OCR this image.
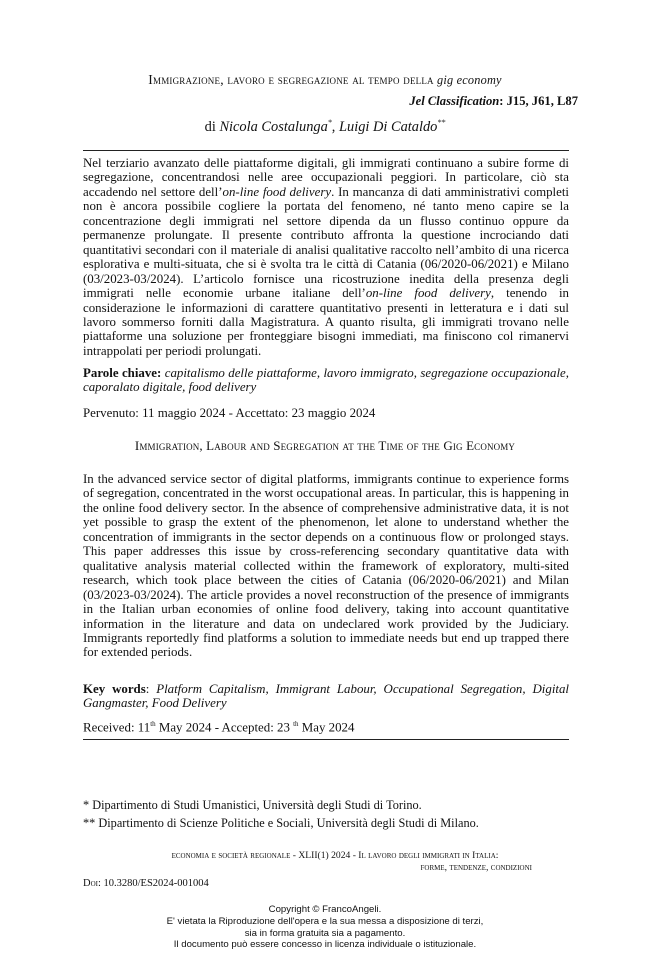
Immigrazione, lavoro e segregazione al tempo della gig economy
Jel Classification: J15, J61, L87
di Nicola Costalunga*, Luigi Di Cataldo**
Nel terziario avanzato delle piattaforme digitali, gli immigrati continuano a subire forme di segregazione, concentrandosi nelle aree occupazionali peggiori. In particolare, ciò sta accadendo nel settore dell’on-line food delivery. In mancanza di dati amministrativi completi non è ancora possibile cogliere la portata del fenomeno, né tanto meno capire se la concentrazione degli immigrati nel settore dipenda da un flusso continuo oppure da permanenze prolungate. Il presente contributo affronta la questione incrociando dati quantitativi secondari con il materiale di analisi qualitative raccolto nell’ambito di una ricerca esplorativa e multi-situata, che si è svolta tra le città di Catania (06/2020-06/2021) e Milano (03/2023-03/2024). L’articolo fornisce una ricostruzione inedita della presenza degli immigrati nelle economie urbane italiane dell’on-line food delivery, tenendo in considerazione le informazioni di carattere quantitativo presenti in letteratura e i dati sul lavoro sommerso forniti dalla Magistratura. A quanto risulta, gli immigrati trovano nelle piattaforme una soluzione per fronteggiare bisogni immediati, ma finiscono col rimanervi intrappolati per periodi prolungati.
Parole chiave: capitalismo delle piattaforme, lavoro immigrato, segregazione occupazionale, caporalato digitale, food delivery
Pervenuto: 11 maggio 2024 - Accettato: 23 maggio 2024
Immigration, Labour and Segregation at the Time of the Gig Economy
In the advanced service sector of digital platforms, immigrants continue to experience forms of segregation, concentrated in the worst occupational areas. In particular, this is happening in the online food delivery sector. In the absence of comprehensive administrative data, it is not yet possible to grasp the extent of the phenomenon, let alone to understand whether the concentration of immigrants in the sector depends on a continuous flow or prolonged stays. This paper addresses this issue by cross-referencing secondary quantitative data with qualitative analysis material collected within the framework of exploratory, multi-sited research, which took place between the cities of Catania (06/2020-06/2021) and Milan (03/2023-03/2024). The article provides a novel reconstruction of the presence of immigrants in the Italian urban economies of online food delivery, taking into account quantitative information in the literature and data on undeclared work provided by the Judiciary. Immigrants reportedly find platforms a solution to immediate needs but end up trapped there for extended periods.
Key words: Platform Capitalism, Immigrant Labour, Occupational Segregation, Digital Gangmaster, Food Delivery
Received: 11th May 2024 - Accepted: 23 $^{th}$ May 2024
* Dipartimento di Studi Umanistici, Università degli Studi di Torino.
** Dipartimento di Scienze Politiche e Sociali, Università degli Studi di Milano.
economia e società regionale - XLII(1) 2024 - Il lavoro degli immigrati in Italia:
forme, tendenze, condizioni
Doi: 10.3280/ES2024-001004
Copyright © FrancoAngeli.
E' vietata la Riproduzione dell'opera e la sua messa a disposizione di terzi,
sia in forma gratuita sia a pagamento.
Il documento può essere concesso in licenza individuale o istituzionale.
